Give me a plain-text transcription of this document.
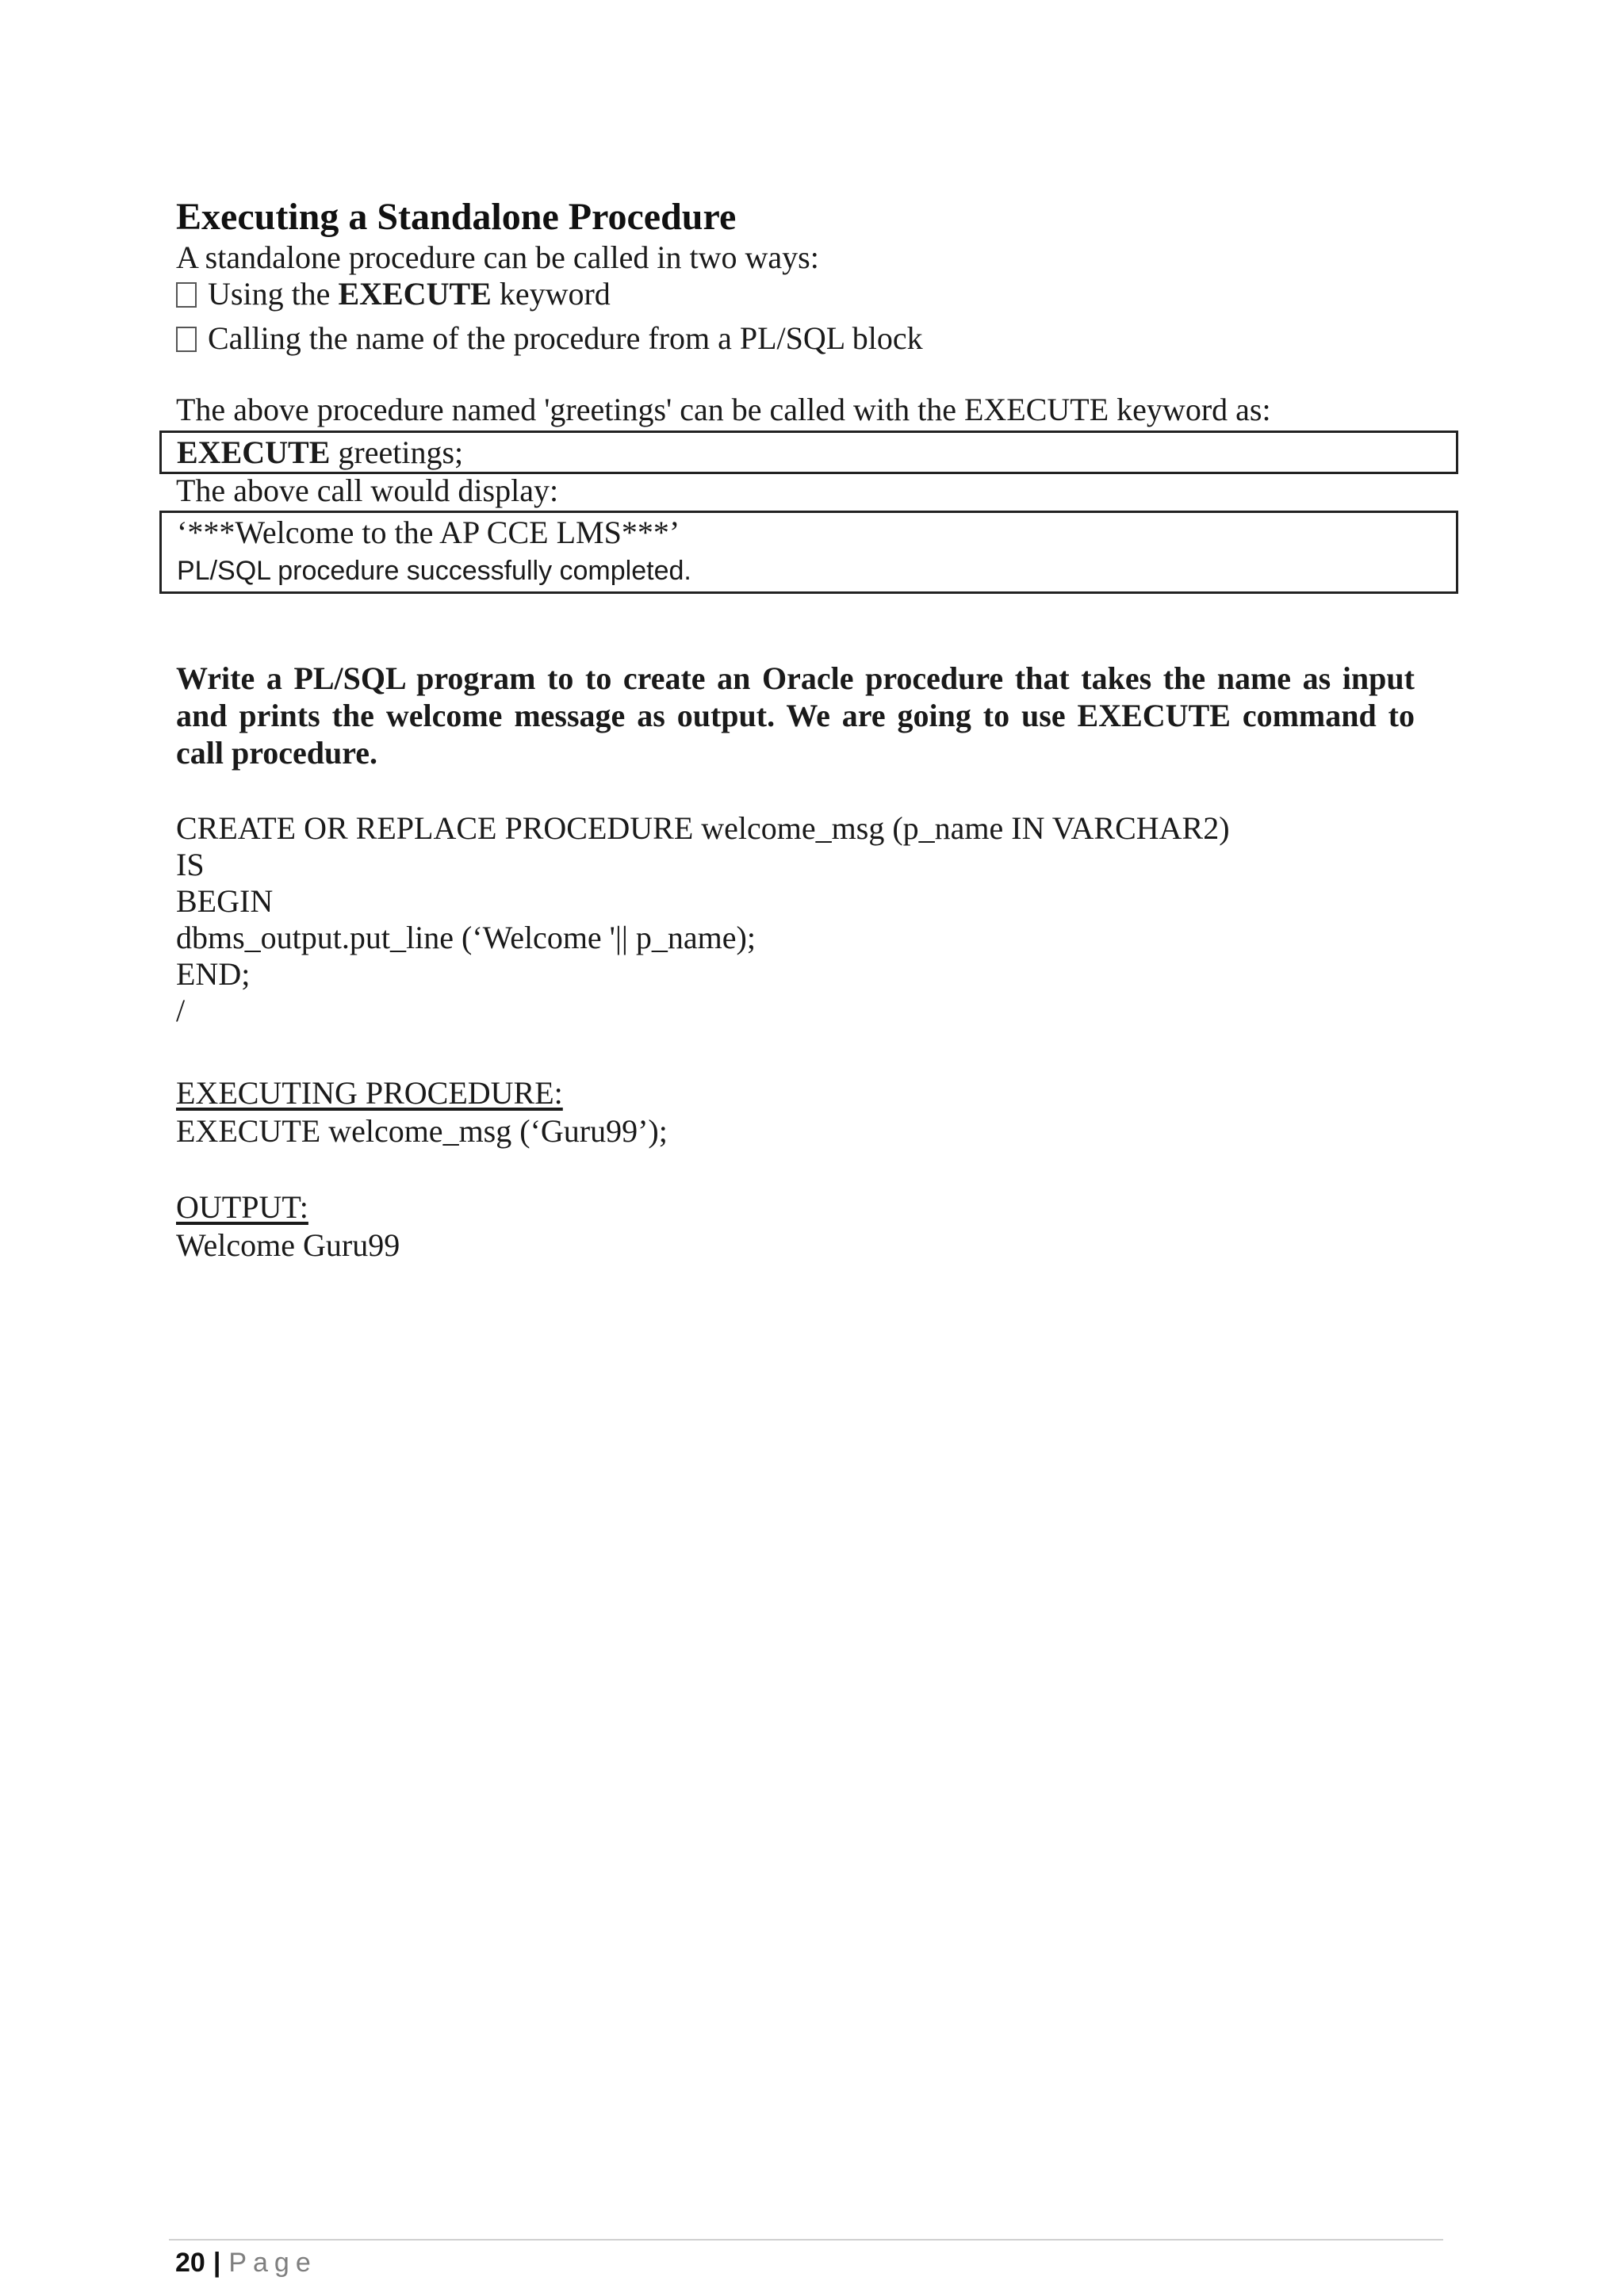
Executing a Standalone Procedure
A standalone procedure can be called in two ways:
Using the EXECUTE keyword
Calling the name of the procedure from a PL/SQL block
The above procedure named 'greetings' can be called with the EXECUTE keyword as:
EXECUTE greetings;
The above call would display:
‘***Welcome to the AP CCE LMS***’
PL/SQL procedure successfully completed.
Write a PL/SQL program to to create an Oracle procedure that takes the name as input and prints the welcome message as output. We are going to use EXECUTE command to call procedure.
CREATE OR REPLACE PROCEDURE welcome_msg (p_name IN VARCHAR2)
IS
BEGIN
dbms_output.put_line (‘Welcome '|| p_name);
END;
/
EXECUTING PROCEDURE:
EXECUTE welcome_msg (‘Guru99’);
OUTPUT:
Welcome Guru99
20 | Page
